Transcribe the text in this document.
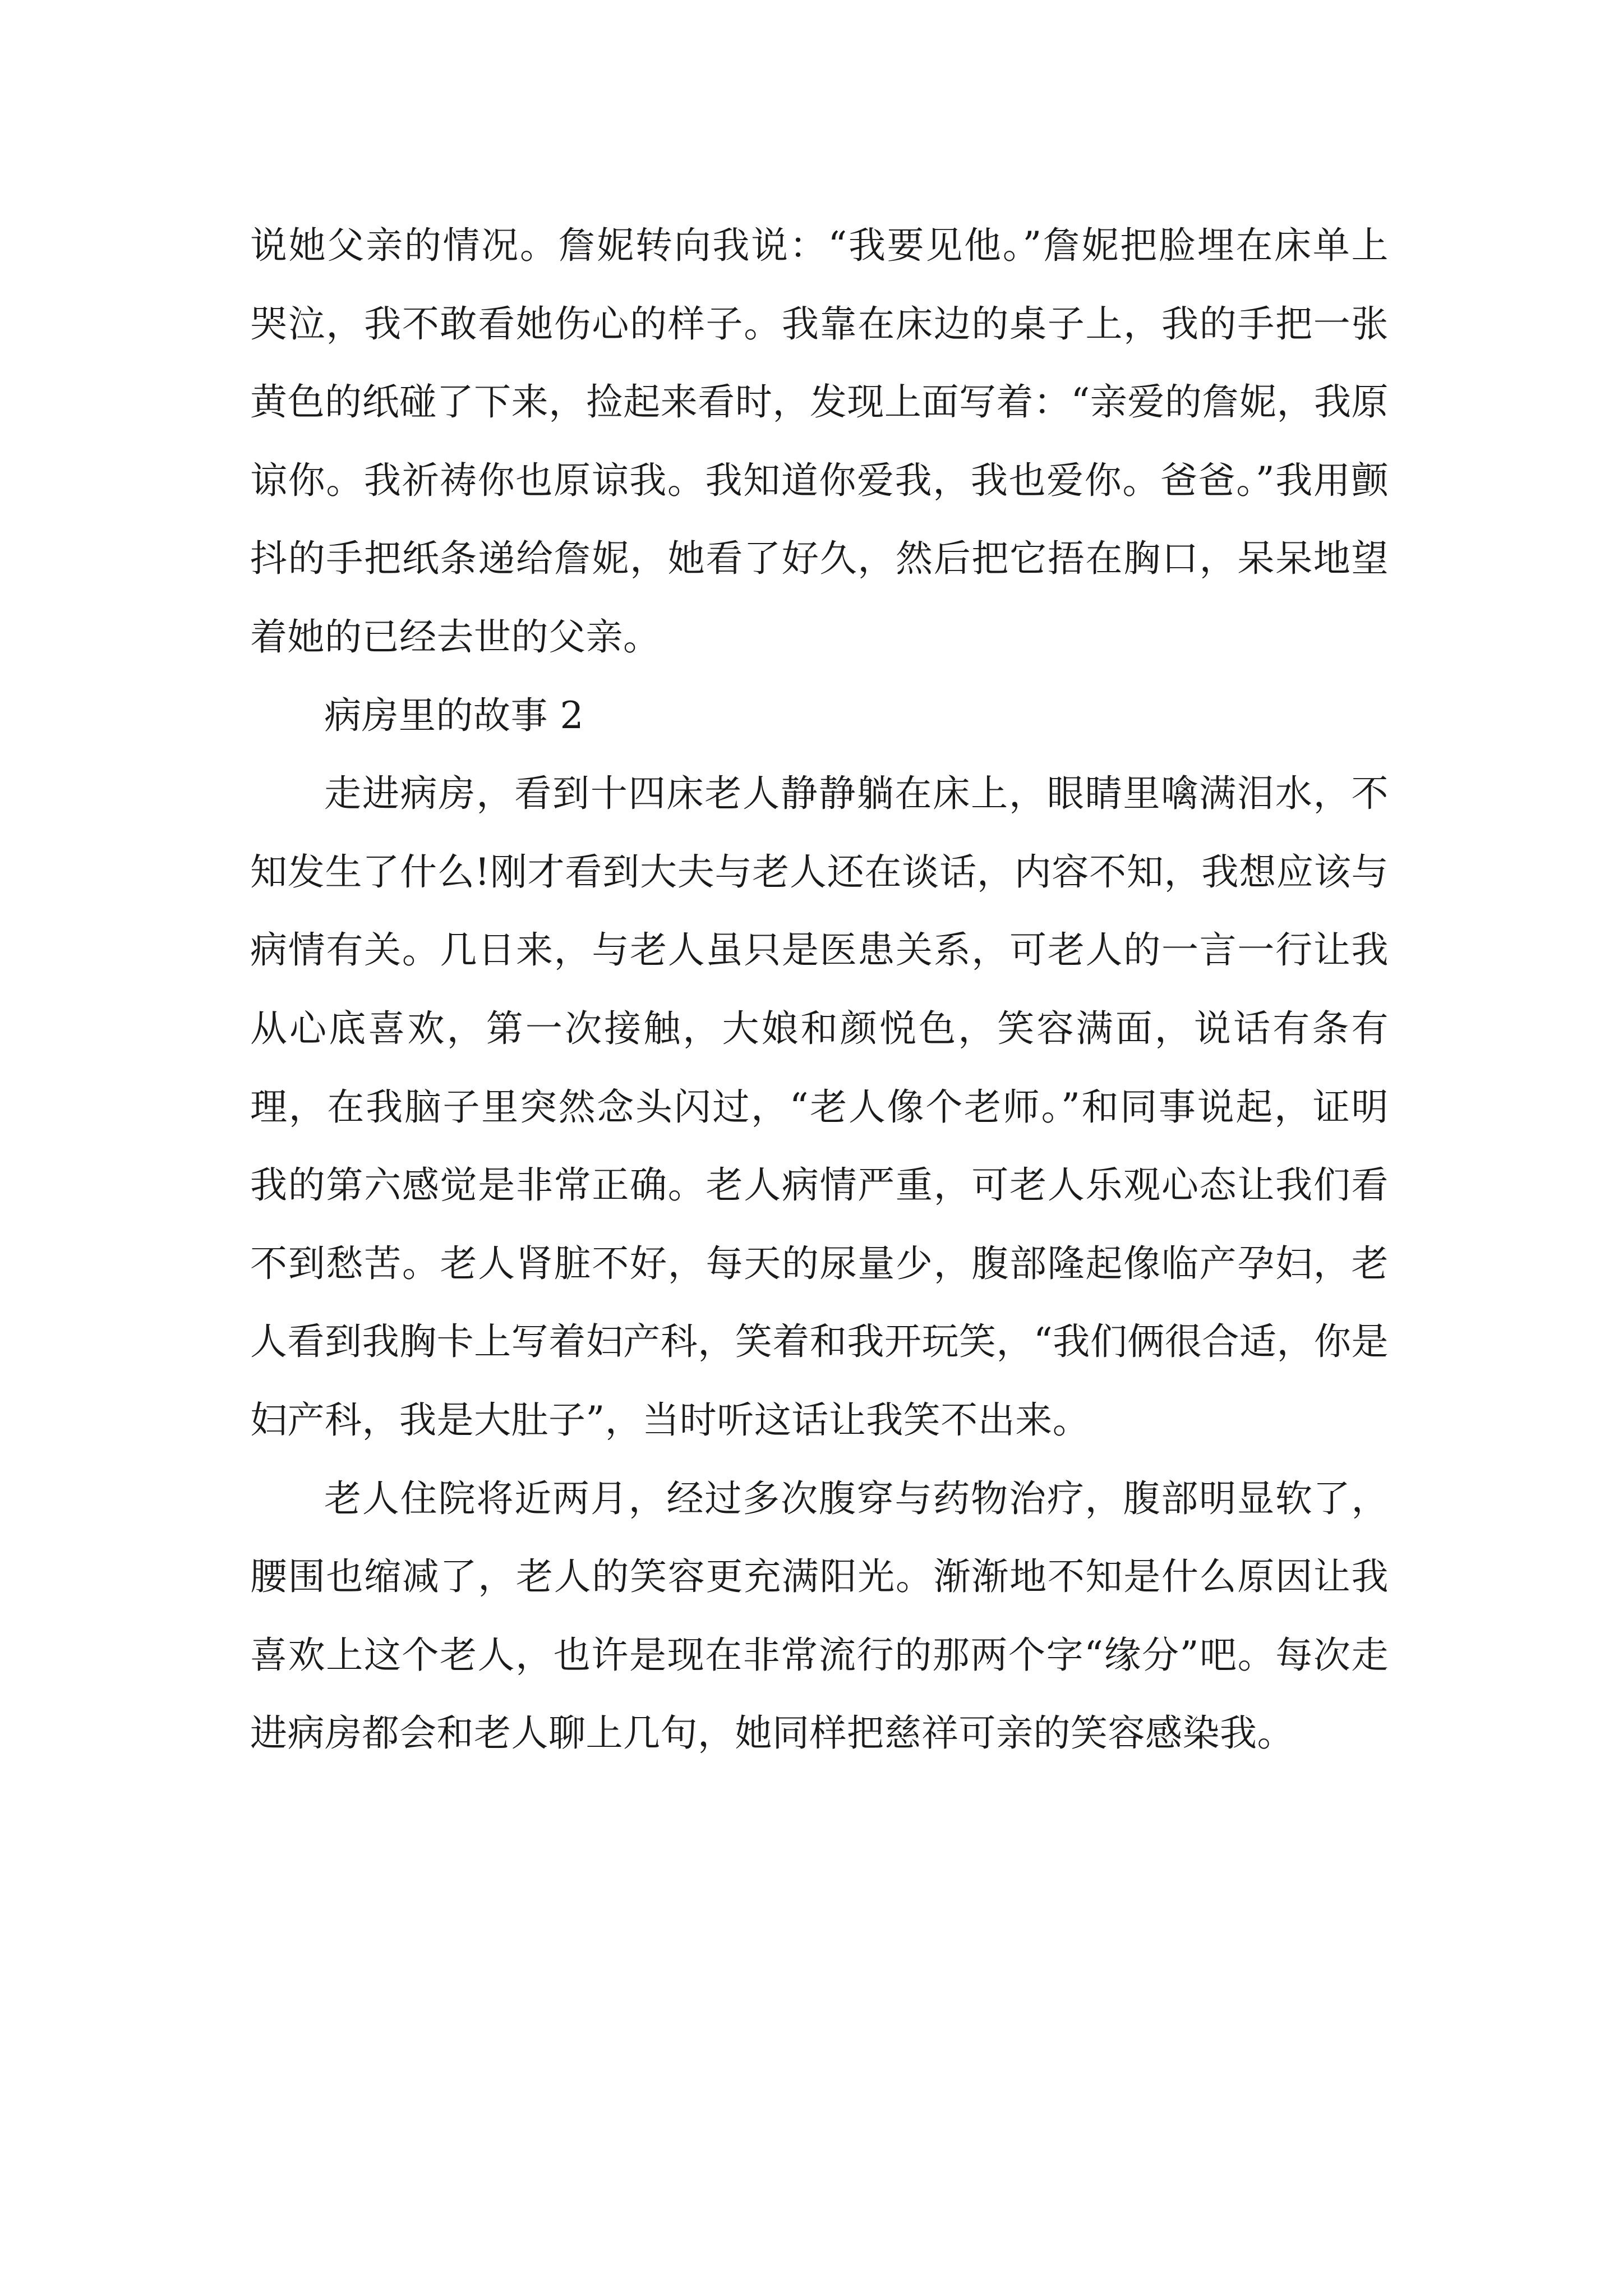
说她父亲的情况。詹妮转向我说：“我要见他。”詹妮把脸埋在床单上哭泣，我不敢看她伤心的样子。我靠在床边的桌子上，我的手把一张黄色的纸碰了下来，捡起来看时，发现上面写着：“亲爱的詹妮，我原谅你。我祈祷你也原谅我。我知道你爱我，我也爱你。爸爸。”我用颤抖的手把纸条递给詹妮，她看了好久，然后把它捂在胸口，呆呆地望着她的已经去世的父亲。

病房里的故事 2

走进病房，看到十四床老人静静躺在床上，眼睛里噙满泪水，不知发生了什么!刚才看到大夫与老人还在谈话，内容不知，我想应该与病情有关。几日来，与老人虽只是医患关系，可老人的一言一行让我从心底喜欢，第一次接触，大娘和颜悦色，笑容满面，说话有条有理，在我脑子里突然念头闪过，“老人像个老师。”和同事说起，证明我的第六感觉是非常正确。老人病情严重，可老人乐观心态让我们看不到愁苦。老人肾脏不好，每天的尿量少，腹部隆起像临产孕妇，老人看到我胸卡上写着妇产科，笑着和我开玩笑，“我们俩很合适，你是妇产科，我是大肚子”，当时听这话让我笑不出来。

老人住院将近两月，经过多次腹穿与药物治疗，腹部明显软了，腰围也缩减了，老人的笑容更充满阳光。渐渐地不知是什么原因让我喜欢上这个老人，也许是现在非常流行的那两个字“缘分”吧。每次走进病房都会和老人聊上几句，她同样把慈祥可亲的笑容感染我。
